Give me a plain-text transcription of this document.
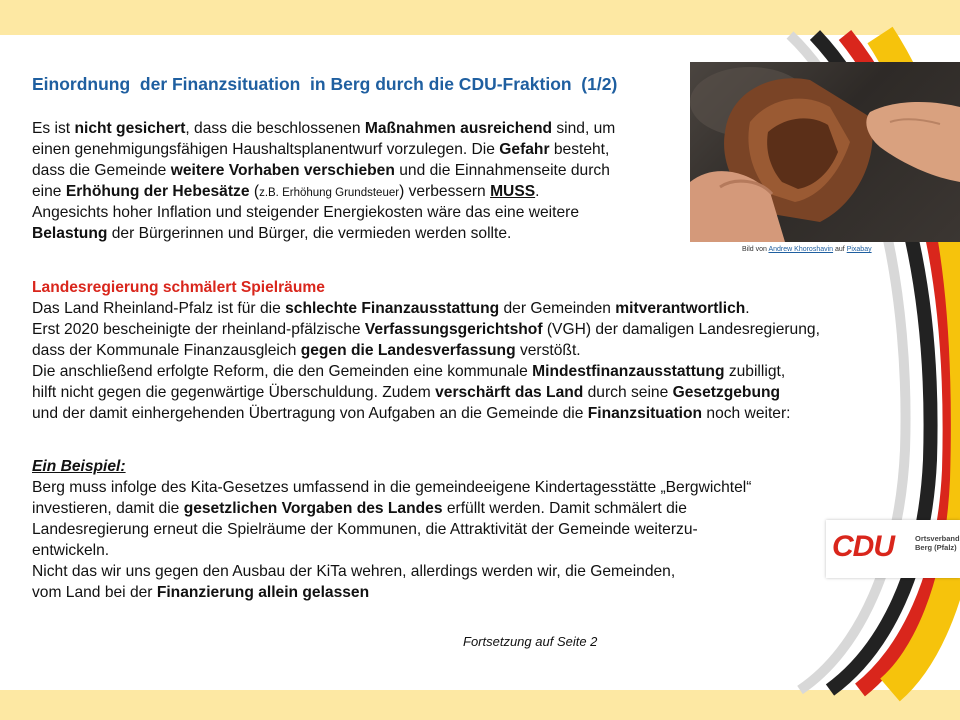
Einordnung  der Finanzsituation  in Berg durch die CDU-Fraktion  (1/2)
Es ist nicht gesichert, dass die beschlossenen Maßnahmen ausreichend sind, um
einen genehmigungsfähigen Haushaltsplanentwurf vorzulegen. Die Gefahr besteht,
dass die Gemeinde weitere Vorhaben verschieben und die Einnahmenseite durch
eine Erhöhung der Hebesätze (z.B. Erhöhung Grundsteuer) verbessern MUSS.
Angesichts hoher Inflation und steigender Energiekosten wäre das eine weitere
Belastung der Bürgerinnen und Bürger, die vermieden werden sollte.
Landesregierung schmälert Spielräume
Das Land Rheinland-Pfalz ist für die schlechte Finanzausstattung der Gemeinden mitverantwortlich.
Erst 2020 bescheinigte der rheinland-pfälzische Verfassungsgerichtshof (VGH) der damaligen Landesregierung,
dass der Kommunale Finanzausgleich gegen die Landesverfassung verstößt.
Die anschließend erfolgte Reform, die den Gemeinden eine kommunale Mindestfinanzausstattung zubilligt,
hilft nicht gegen die gegenwärtige Überschuldung. Zudem verschärft das Land durch seine Gesetzgebung
und der damit einhergehenden Übertragung von Aufgaben an die Gemeinde die Finanzsituation noch weiter:
Ein Beispiel:
Berg muss infolge des Kita-Gesetzes umfassend in die gemeindeeigene Kindertagesstätte „Bergwichtel“
investieren, damit die gesetzlichen Vorgaben des Landes erfüllt werden. Damit schmälert die
Landesregierung erneut die Spielräume der Kommunen, die Attraktivität der Gemeinde weiterzu-
entwickeln.
Nicht das wir uns gegen den Ausbau der KiTa wehren, allerdings werden wir, die Gemeinden,
vom Land bei der Finanzierung allein gelassen
Bild von Andrew Khoroshavin auf Pixabay
CDU	Ortsverband
Berg (Pfalz)
Fortsetzung auf Seite 2
